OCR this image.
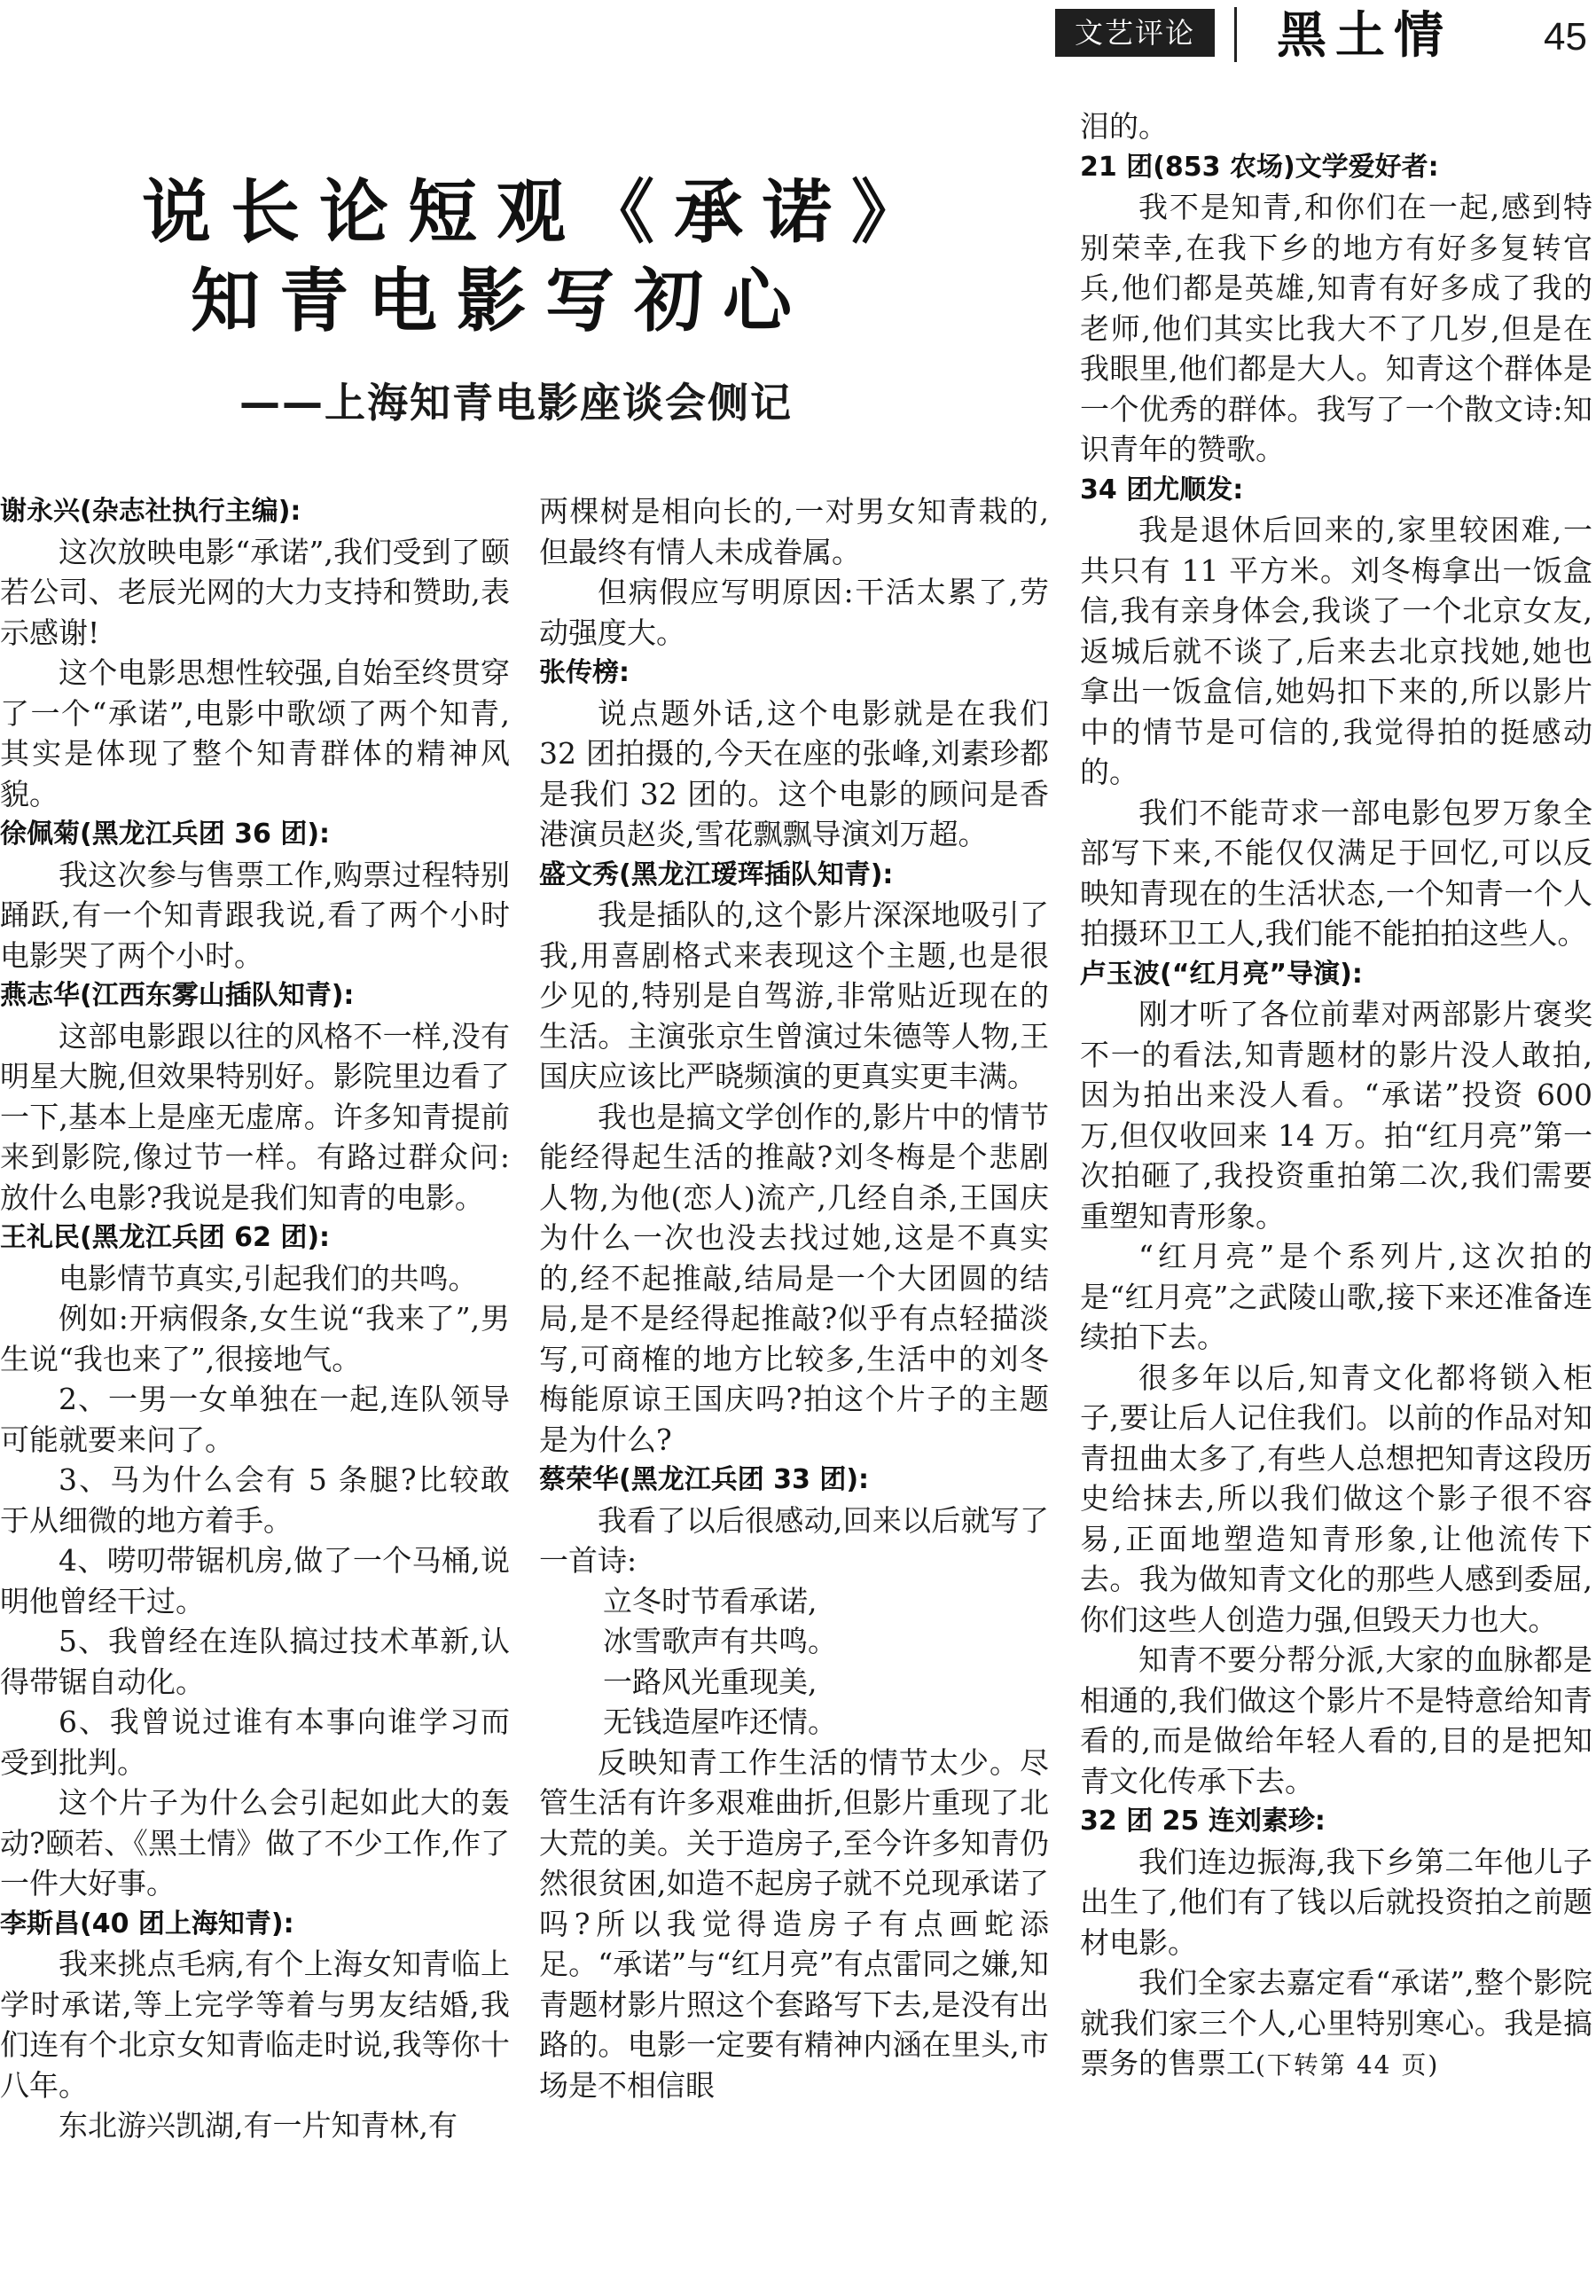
文艺评论	黑土情	45
说长论短观《承诺》
知青电影写初心
——上海知青电影座谈会侧记

谢永兴(杂志社执行主编):

这次放映电影“承诺”,我们受到了颐若公司、老辰光网的大力支持和赞助,表示感谢!

这个电影思想性较强,自始至终贯穿了一个“承诺”,电影中歌颂了两个知青,其实是体现了整个知青群体的精神风貌。

徐佩菊(黑龙江兵团 36 团):

我这次参与售票工作,购票过程特别踊跃,有一个知青跟我说,看了两个小时电影哭了两个小时。

燕志华(江西东雾山插队知青):

这部电影跟以往的风格不一样,没有明星大腕,但效果特别好。影院里边看了一下,基本上是座无虚席。许多知青提前来到影院,像过节一样。有路过群众问:放什么电影?我说是我们知青的电影。

王礼民(黑龙江兵团 62 团):

电影情节真实,引起我们的共鸣。

例如:开病假条,女生说“我来了”,男生说“我也来了”,很接地气。

2、一男一女单独在一起,连队领导可能就要来问了。

3、马为什么会有 5 条腿?比较敢于从细微的地方着手。

4、唠叨带锯机房,做了一个马桶,说明他曾经干过。

5、我曾经在连队搞过技术革新,认得带锯自动化。

6、我曾说过谁有本事向谁学习而受到批判。

这个片子为什么会引起如此大的轰动?颐若、《黑土情》做了不少工作,作了一件大好事。

李斯昌(40 团上海知青):

我来挑点毛病,有个上海女知青临上学时承诺,等上完学等着与男友结婚,我们连有个北京女知青临走时说,我等你十八年。

东北游兴凯湖,有一片知青林,有

两棵树是相向长的,一对男女知青栽的,但最终有情人未成眷属。

但病假应写明原因:干活太累了,劳动强度大。

张传榜:

说点题外话,这个电影就是在我们 32 团拍摄的,今天在座的张峰,刘素珍都是我们 32 团的。这个电影的顾问是香港演员赵炎,雪花飘飘导演刘万超。

盛文秀(黑龙江瑷珲插队知青):

我是插队的,这个影片深深地吸引了我,用喜剧格式来表现这个主题,也是很少见的,特别是自驾游,非常贴近现在的生活。主演张京生曾演过朱德等人物,王国庆应该比严晓频演的更真实更丰满。

我也是搞文学创作的,影片中的情节能经得起生活的推敲?刘冬梅是个悲剧人物,为他(恋人)流产,几经自杀,王国庆为什么一次也没去找过她,这是不真实的,经不起推敲,结局是一个大团圆的结局,是不是经得起推敲?似乎有点轻描淡写,可商榷的地方比较多,生活中的刘冬梅能原谅王国庆吗?拍这个片子的主题是为什么?

蔡荣华(黑龙江兵团 33 团):

我看了以后很感动,回来以后就写了一首诗:

立冬时节看承诺,

冰雪歌声有共鸣。

一路风光重现美,

无钱造屋咋还情。

反映知青工作生活的情节太少。尽管生活有许多艰难曲折,但影片重现了北大荒的美。关于造房子,至今许多知青仍然很贫困,如造不起房子就不兑现承诺了吗?所以我觉得造房子有点画蛇添足。“承诺”与“红月亮”有点雷同之嫌,知青题材影片照这个套路写下去,是没有出路的。电影一定要有精神内涵在里头,市场是不相信眼

泪的。

21 团(853 农场)文学爱好者:

我不是知青,和你们在一起,感到特别荣幸,在我下乡的地方有好多复转官兵,他们都是英雄,知青有好多成了我的老师,他们其实比我大不了几岁,但是在我眼里,他们都是大人。知青这个群体是一个优秀的群体。我写了一个散文诗:知识青年的赞歌。

34 团尤顺发:

我是退休后回来的,家里较困难,一共只有 11 平方米。刘冬梅拿出一饭盒信,我有亲身体会,我谈了一个北京女友,返城后就不谈了,后来去北京找她,她也拿出一饭盒信,她妈扣下来的,所以影片中的情节是可信的,我觉得拍的挺感动的。

我们不能苛求一部电影包罗万象全部写下来,不能仅仅满足于回忆,可以反映知青现在的生活状态,一个知青一个人拍摄环卫工人,我们能不能拍拍这些人。

卢玉波(“红月亮”导演):

刚才听了各位前辈对两部影片褒奖不一的看法,知青题材的影片没人敢拍,因为拍出来没人看。“承诺”投资 600 万,但仅收回来 14 万。拍“红月亮”第一次拍砸了,我投资重拍第二次,我们需要重塑知青形象。

“红月亮”是个系列片,这次拍的是“红月亮”之武陵山歌,接下来还准备连续拍下去。

很多年以后,知青文化都将锁入柜子,要让后人记住我们。以前的作品对知青扭曲太多了,有些人总想把知青这段历史给抹去,所以我们做这个影子很不容易,正面地塑造知青形象,让他流传下去。我为做知青文化的那些人感到委屈,你们这些人创造力强,但毁天力也大。

知青不要分帮分派,大家的血脉都是相通的,我们做这个影片不是特意给知青看的,而是做给年轻人看的,目的是把知青文化传承下去。

32 团 25 连刘素珍:

我们连边振海,我下乡第二年他儿子出生了,他们有了钱以后就投资拍之前题材电影。

我们全家去嘉定看“承诺”,整个影院就我们家三个人,心里特别寒心。我是搞票务的售票工(下转第 44 页)
